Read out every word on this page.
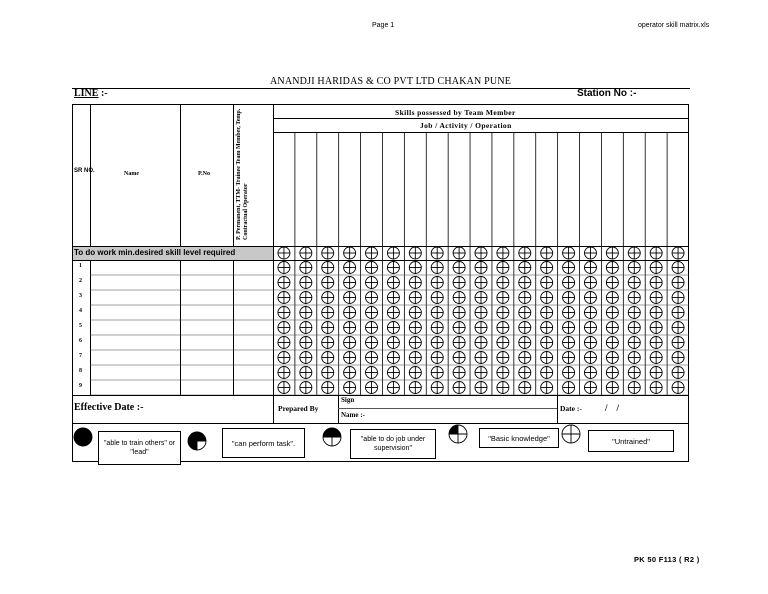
Page 1	operator skill matrix.xls
ANANDJI HARIDAS & CO PVT LTD CHAKAN PUNE
LINE :-	Station No :-
SR NO.	Name	P.No	P. Permanent, TTM- Trainee Team Member, Temp. Contractual Operator
Skills possessed by Team Member
Job / Activity / Operation
To do work min.desired skill level required
1
2
3
4
5
6
7
8
9
Effective Date :-	Prepared By
Sign
Name :-
Date :-	/    /
"able to train others" or "lead"
"can perform task".	"able to do job under supervision"
"Basic knowledge"	"Untrained"
PK 50 F113 ( R2 )
